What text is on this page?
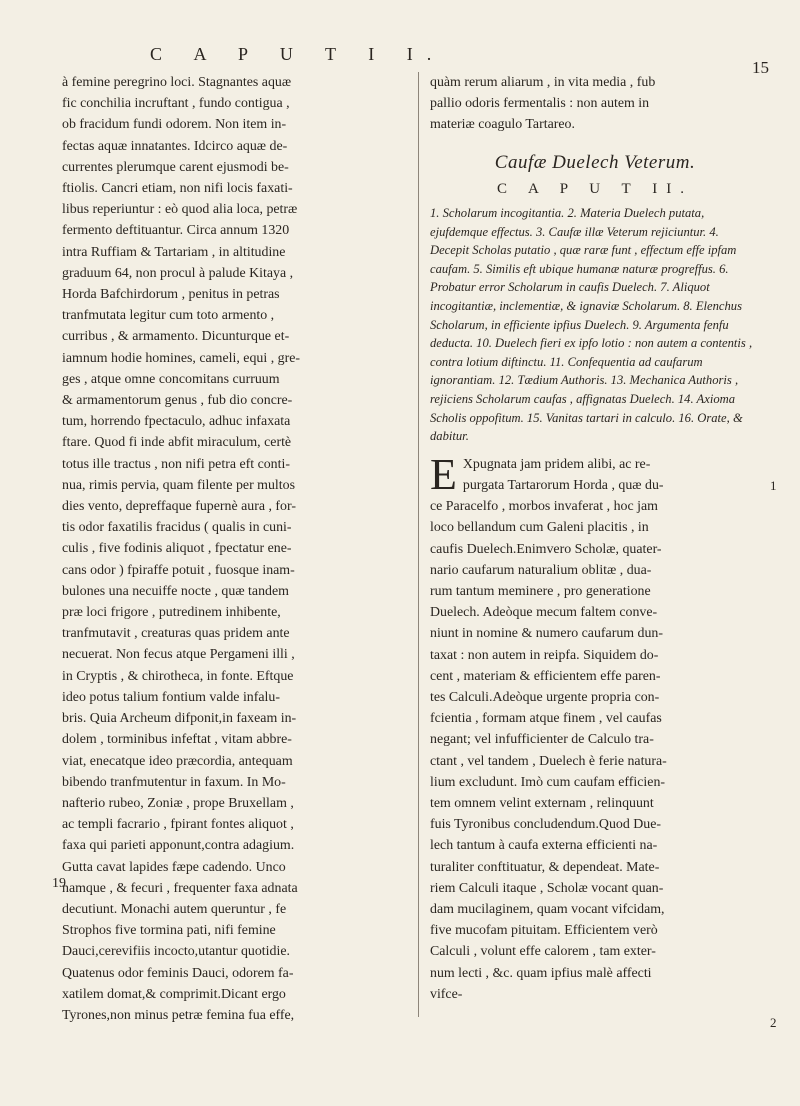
C A P U T I I.
15
à femine peregrino loci. Stagnantes aquæ
fic conchilia incruftant , fundo contigua ,
ob fracidum fundi odorem. Non item in-
fectas aquæ innatantes. Idcirco aquæ de-
currentes plerumque carent ejusmodi be-
ftiolis. Cancri etiam, non nifi locis faxati-
libus reperiuntur : eò quod alia loca, petræ
fermento deftituantur. Circa annum 1320
intra Ruffiam & Tartariam , in altitudine
graduum 64, non procul à palude Kitaya ,
Horda Bafchirdorum , penitus in petras
tranfmutata legitur cum toto armento ,
curribus , & armamento. Dicunturque et-
iamnum hodie homines, cameli, equi , gre-
ges , atque omne concomitans curruum
& armamentorum genus , fub dio concre-
tum, horrendo fpectaculo, adhuc infaxata
ftare. Quod fi inde abfit miraculum, certè
totus ille tractus , non nifi petra eft conti-
nua, rimis pervia, quam filente per multos
dies vento, depreffaque fupernè aura , for-
tis odor faxatilis fracidus ( qualis in cuni-
culis , five fodinis aliquot , fpectatur ene-
cans odor ) fpiraffe potuit , fuosque inam-
bulones una necuiffe nocte , quæ tandem
præ loci frigore , putredinem inhibente,
tranfmutavit , creaturas quas pridem ante
necuerat. Non fecus atque Pergameni illi ,
in Cryptis , & chirotheca, in fonte. Eftque
ideo potus talium fontium valde infalu-
bris. Quia Archeum difponit,in faxeam in-
dolem , torminibus infeftat , vitam abbre-
viat, enecatque ideo præcordia, antequam
bibendo tranfmutentur in faxum. In Mo-
nafterio rubeo, Zoniæ , prope Bruxellam ,
ac templi facrario , fpirant fontes aliquot ,
faxa qui parieti apponunt,contra adagium.
Gutta cavat lapides fæpe cadendo. Unco
namque , & fecuri , frequenter faxa adnata
decutiunt. Monachi autem queruntur , fe
Strophos five tormina pati, nifi femine
Dauci,cerevifiis incocto,utantur quotidie.
Quatenus odor feminis Dauci, odorem fa-
xatilem domat,& comprimit.Dicant ergo
Tyrones,non minus petræ femina fua effe,
19
quàm rerum aliarum , in vita media , fub
pallio odoris fermentalis : non autem in
materiæ coagulo Tartareo.
Caufæ Duelech Veterum.
C A P U T II.
1. Scholarum incogitantia. 2. Materia Duelech putata, ejufdemque effectus. 3. Caufæ illæ Veterum rejiciuntur. 4. Decepit Scholas putatio , quæ raræ funt , effectum effe ipfam caufam. 5. Similis eft ubique humanæ naturæ progreffus. 6. Probatur error Scholarum in caufis Duelech. 7. Aliquot incogitantiæ, inclementiæ, & ignaviæ Scholarum. 8. Elenchus Scholarum, in efficiente ipfius Duelech. 9. Argumenta fenfu deducta. 10. Duelech fieri ex ipfo lotio : non autem a contentis , contra lotium diftinctu. 11. Confequentia ad caufarum ignorantiam. 12. Tædium Authoris. 13. Mechanica Authoris , rejiciens Scholarum caufas , affignatas Duelech. 14. Axioma Scholis oppofitum. 15. Vanitas tartari in calculo. 16. Orate, & dabitur.
E Xpugnata jam pridem alibi, ac re-
purgata Tartarorum Horda , quæ du-
ce Paracelfo , morbos invaferat , hoc jam
loco bellandum cum Galeni placitis , in
caufis Duelech.Enimvero Scholæ, quater-
nario caufarum naturalium oblitæ , dua-
rum tantum meminere , pro generatione
Duelech. Adeòque mecum faltem conve-
niunt in nomine & numero caufarum dun-
taxat : non autem in reipfa. Siquidem do-
cent , materiam & efficientem effe paren-
tes Calculi.Adeòque urgente propria con-
fcientia , formam atque finem , vel caufas
negant; vel infufficienter de Calculo tra-
ctant , vel tandem , Duelech è ferie natura-
lium excludunt. Imò cum caufam efficien-
tem omnem velint externam , relinquunt
fuis Tyronibus concludendum.Quod Due-
lech tantum à caufa externa efficienti na-
turaliter conftituatur, & dependeat. Mate-
riem Calculi itaque , Scholæ vocant quan-
dam mucilaginem, quam vocant vifcidam,
five mucofam pituitam. Efficientem verò
Calculi , volunt effe calorem , tam exter-
num lecti , &c. quam ipfius malè affecti
vifce-
1
2
